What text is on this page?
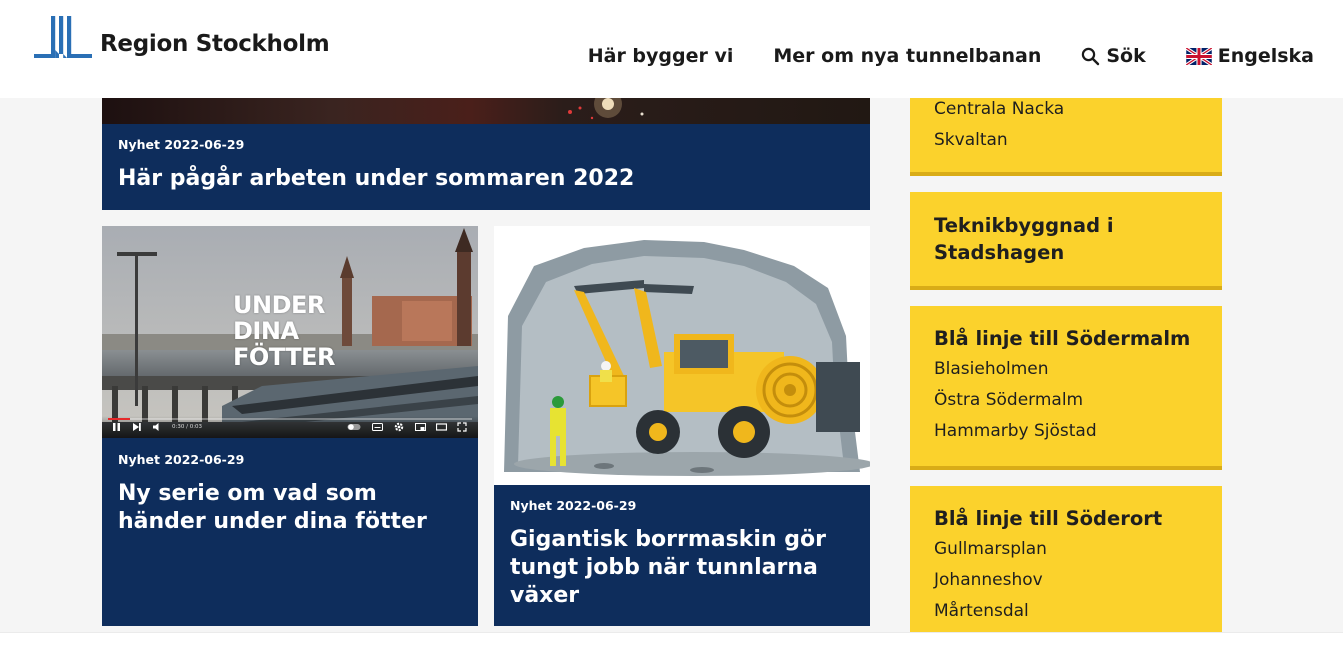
Region Stockholm	Här bygger vi Mer om nya tunnelbanan	Sök	Engelska
Nyhet 2022-06-29
Här pågår arbeten under sommaren 2022
UNDER
DINA
FÖTTER
0:30 / 0:03
Nyhet 2022-06-29
Ny serie om vad som händer under dina fötter
Nyhet 2022-06-29
Gigantisk borrmaskin gör tungt jobb när tunnlarna växer
Centrala Nacka
Skvaltan
Teknikbyggnad i Stadshagen
Blå linje till Södermalm
Blasieholmen
Östra Södermalm
Hammarby Sjöstad
Blå linje till Söderort
Gullmarsplan
Johanneshov
Mårtensdal
